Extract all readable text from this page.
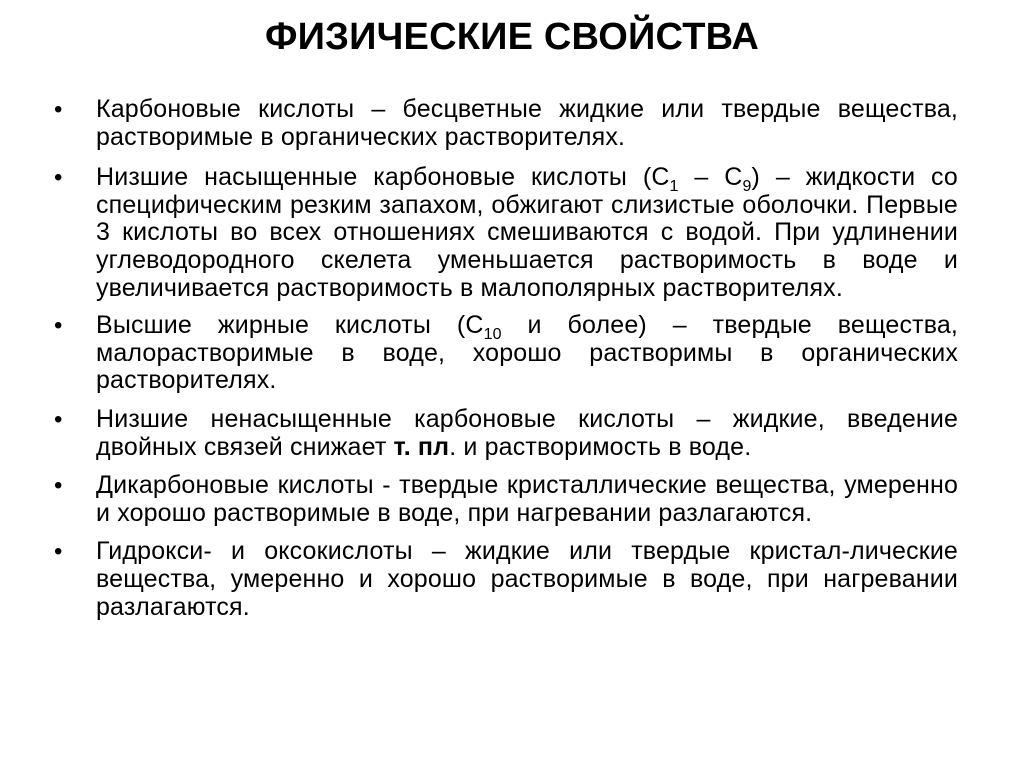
ФИЗИЧЕСКИЕ СВОЙСТВА
•	Карбоновые кислоты – бесцветные жидкие или твердые вещества, растворимые в органических растворителях.
•	Низшие насыщенные карбоновые кислоты $(С_1 - С_9)$ – жидкости со специфическим резким запахом, обжигают слизистые оболочки. Первые 3 кислоты во всех отношениях смешиваются с водой. При удлинении углеводородного скелета уменьшается растворимость в воде и увеличивается растворимость в малополярных растворителях.
•	Высшие жирные кислоты ($С_{10}$ и более) – твердые вещества, малорастворимые в воде, хорошо растворимы в органических растворителях.
•	Низшие ненасыщенные карбоновые кислоты – жидкие, введение двойных связей снижает т. пл. и растворимость в воде.
•	Дикарбоновые кислоты - твердые кристаллические вещества, умеренно и хорошо растворимые в воде, при нагревании разлагаются.
•	Гидрокси- и оксокислоты – жидкие или твердые кристал-лические вещества, умеренно и хорошо растворимые в воде, при нагревании разлагаются.
